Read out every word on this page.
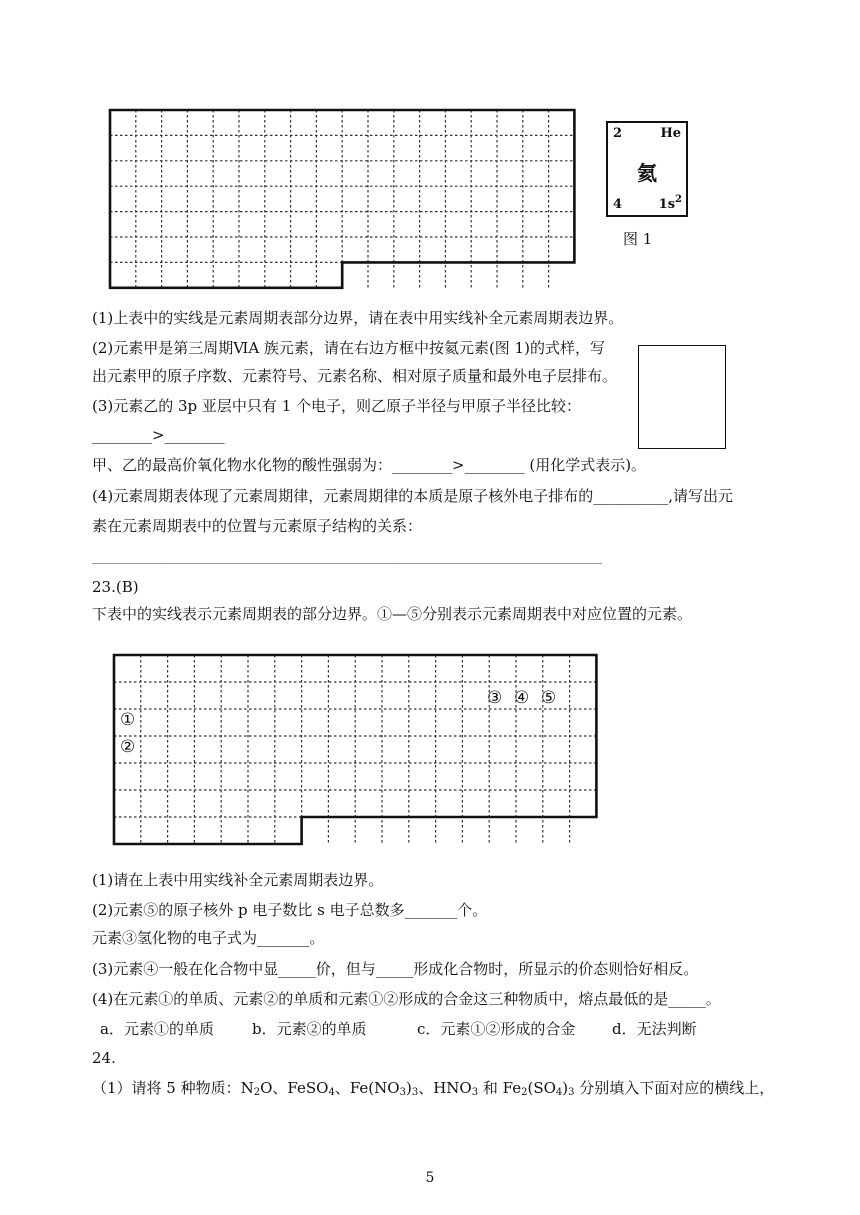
2	He
氦
4	$1s^2$
图 1
(1)上表中的实线是元素周期表部分边界，请在表中用实线补全元素周期表边界。
(2)元素甲是第三周期ⅥA 族元素，请在右边方框中按氦元素(图 1)的式样，写
出元素甲的原子序数、元素符号、元素名称、相对原子质量和最外电子层排布。
(3)元素乙的 3p 亚层中只有 1 个电子，则乙原子半径与甲原子半径比较：
________>________
甲、乙的最高价氧化物水化物的酸性强弱为：________>________ (用化学式表示)。
(4)元素周期表体现了元素周期律，元素周期律的本质是原子核外电子排布的__________,请写出元
素在元素周期表中的位置与元素原子结构的关系：
________________________________________________________________________________________
23.(B)
下表中的实线表示元素周期表的部分边界。①—⑤分别表示元素周期表中对应位置的元素。
①
②
③ ④ ⑤
(1)请在上表中用实线补全元素周期表边界。
(2)元素⑤的原子核外 p 电子数比 s 电子总数多_______个。
元素③氢化物的电子式为_______。
(3)元素④一般在化合物中显_____价，但与_____形成化合物时，所显示的价态则恰好相反。
(4)在元素①的单质、元素②的单质和元素①②形成的合金这三种物质中，熔点最低的是_____。
a．元素①的单质	b．元素②的单质	c．元素①②形成的合金 d．无法判断
24.
（1）请将 5 种物质：$N_2O$、FeSO$_4$、$Fe(NO_3)_3$、$HNO_3$ 和 $Fe_2(SO_4)_3$ 分别填入下面对应的横线上，
5
